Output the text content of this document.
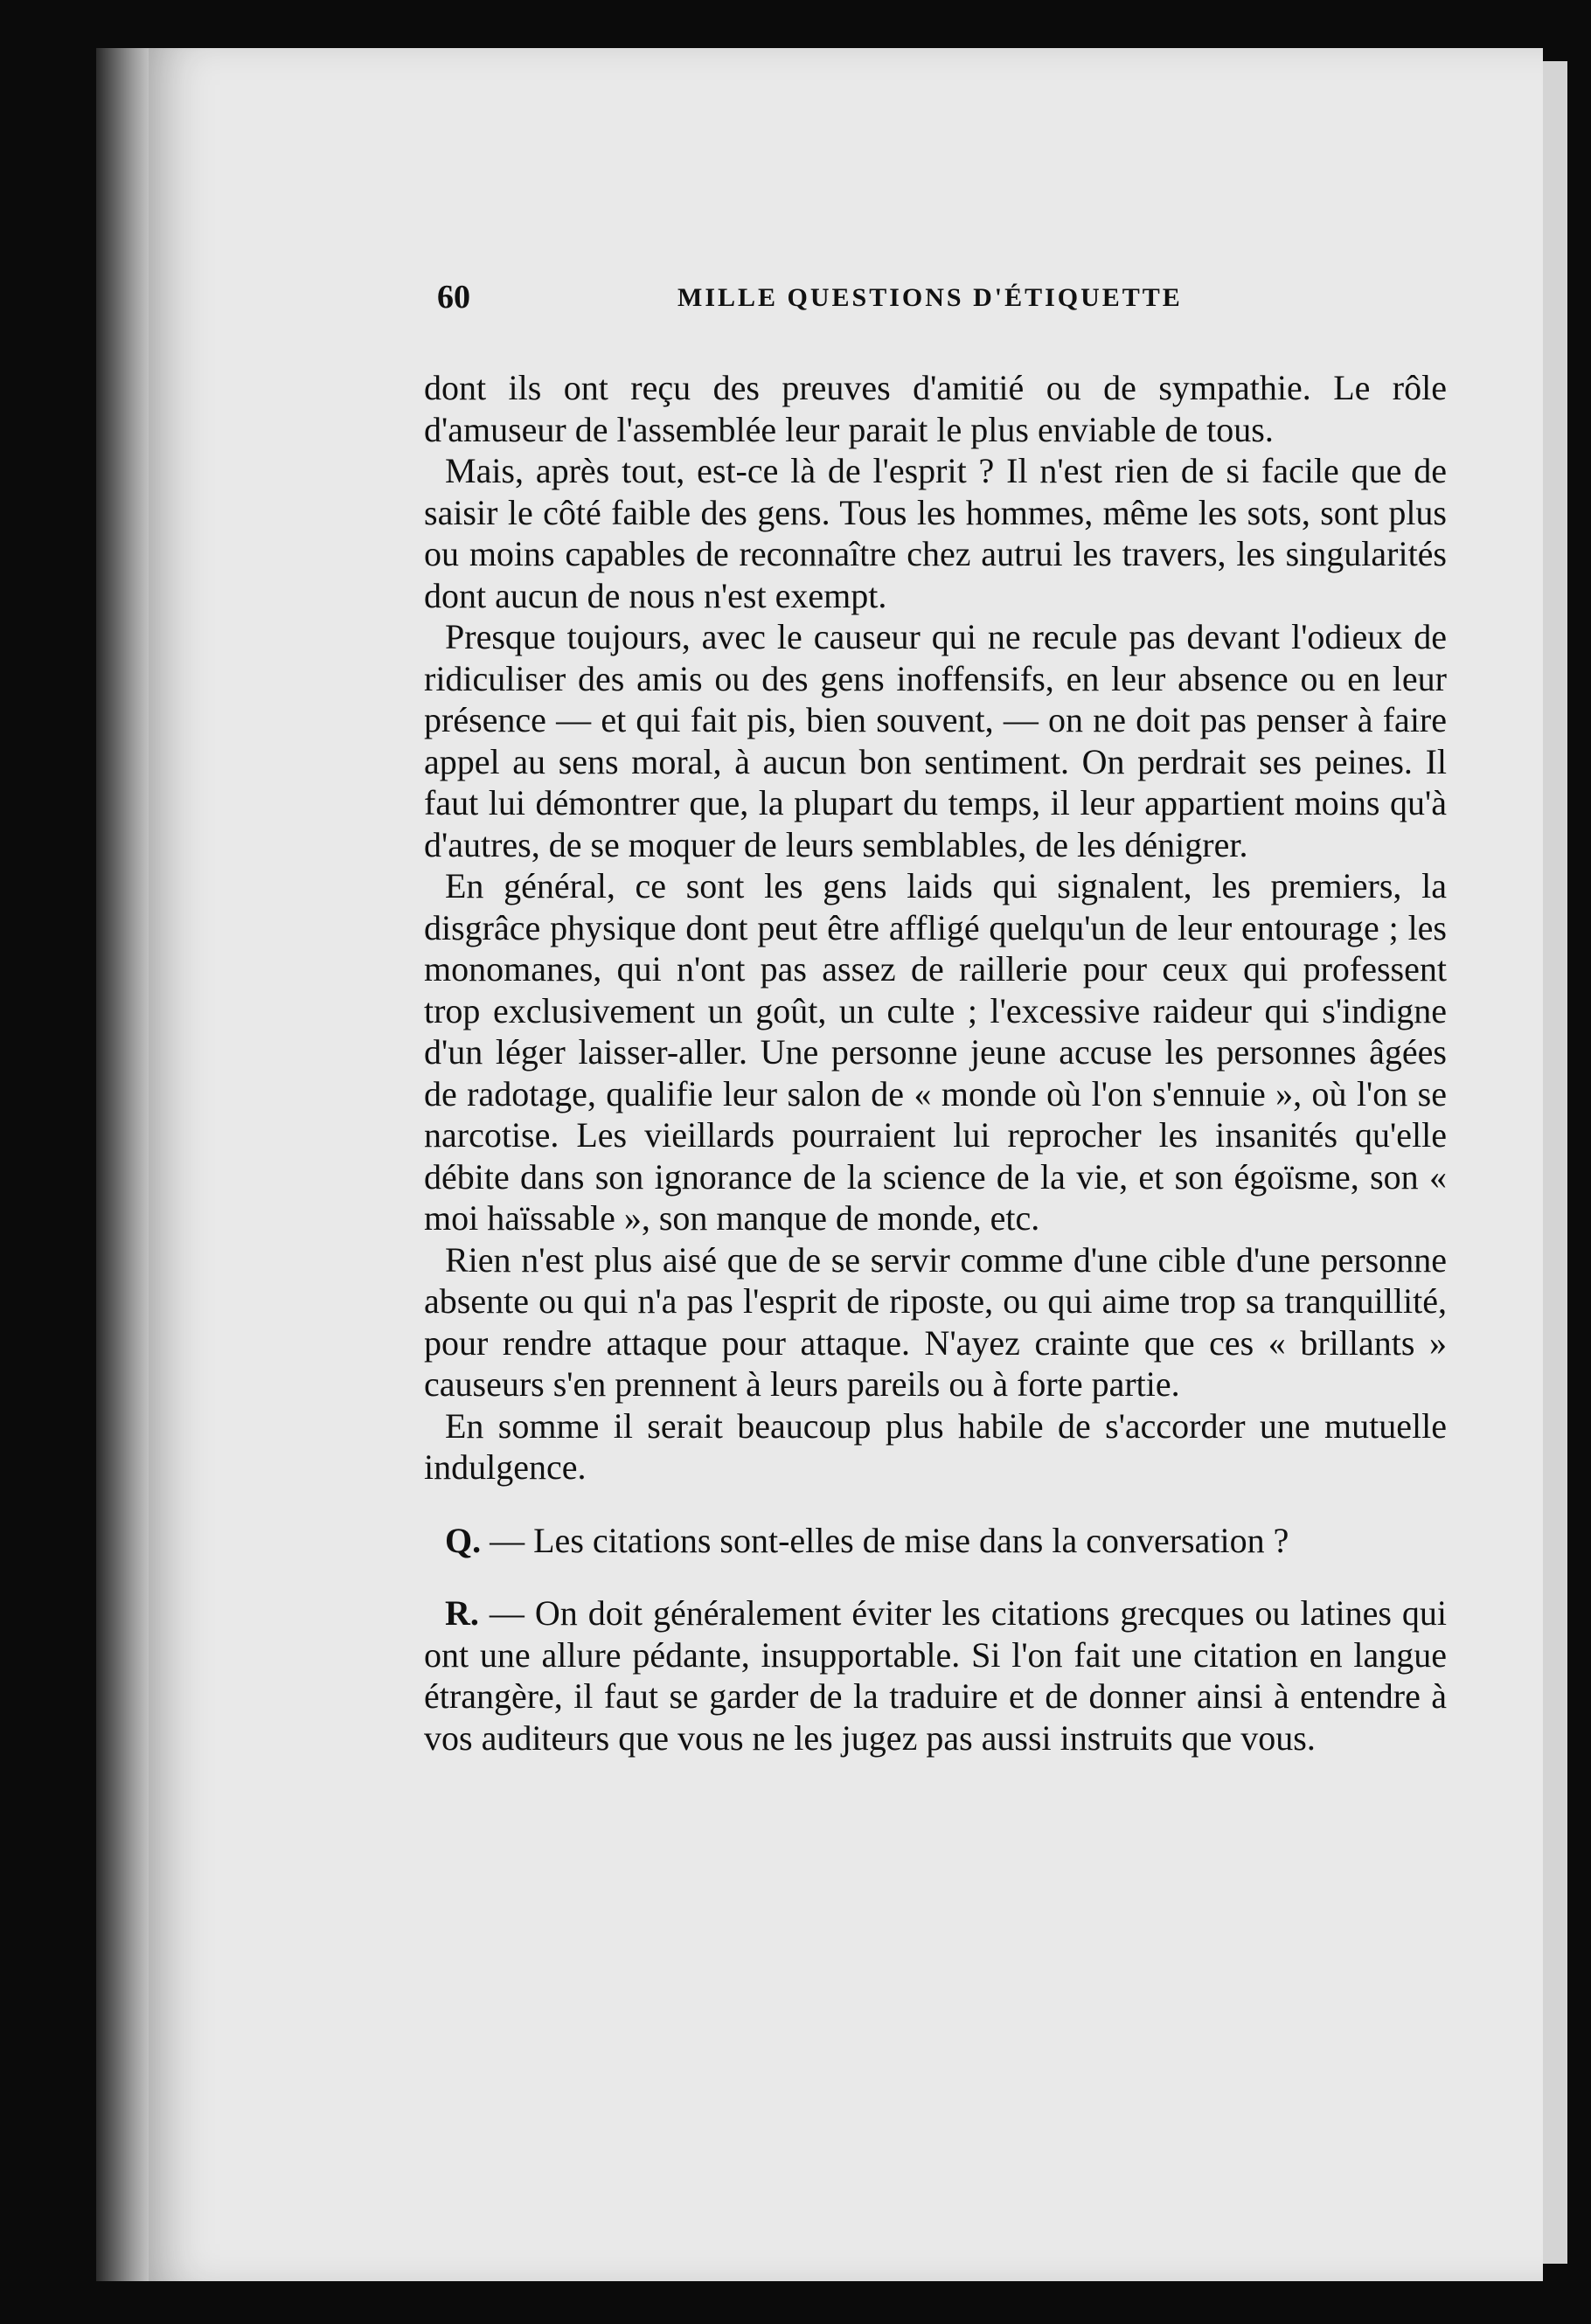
60	MILLE QUESTIONS D'ÉTIQUETTE

dont ils ont reçu des preuves d'amitié ou de sympathie. Le rôle d'amuseur de l'assemblée leur parait le plus enviable de tous.

Mais, après tout, est-ce là de l'esprit ? Il n'est rien de si facile que de saisir le côté faible des gens. Tous les hommes, même les sots, sont plus ou moins capables de reconnaître chez autrui les travers, les singularités dont aucun de nous n'est exempt.

Presque toujours, avec le causeur qui ne recule pas devant l'odieux de ridiculiser des amis ou des gens inoffensifs, en leur absence ou en leur présence — et qui fait pis, bien souvent, — on ne doit pas penser à faire appel au sens moral, à aucun bon sentiment. On perdrait ses peines. Il faut lui démontrer que, la plupart du temps, il leur appartient moins qu'à d'autres, de se moquer de leurs semblables, de les dénigrer.

En général, ce sont les gens laids qui signalent, les premiers, la disgrâce physique dont peut être affligé quelqu'un de leur entourage ; les monomanes, qui n'ont pas assez de raillerie pour ceux qui professent trop exclusivement un goût, un culte ; l'excessive raideur qui s'indigne d'un léger laisser-aller. Une personne jeune accuse les personnes âgées de radotage, qualifie leur salon de « monde où l'on s'ennuie », où l'on se narcotise. Les vieillards pourraient lui reprocher les insanités qu'elle débite dans son ignorance de la science de la vie, et son égoïsme, son « moi haïssable », son manque de monde, etc.

Rien n'est plus aisé que de se servir comme d'une cible d'une personne absente ou qui n'a pas l'esprit de riposte, ou qui aime trop sa tranquillité, pour rendre attaque pour attaque. N'ayez crainte que ces « brillants » causeurs s'en prennent à leurs pareils ou à forte partie.

En somme il serait beaucoup plus habile de s'accorder une mutuelle indulgence.

Q. — Les citations sont-elles de mise dans la conversation ?

R. — On doit généralement éviter les citations grecques ou latines qui ont une allure pédante, insupportable. Si l'on fait une citation en langue étrangère, il faut se garder de la traduire et de donner ainsi à entendre à vos auditeurs que vous ne les jugez pas aussi instruits que vous.
